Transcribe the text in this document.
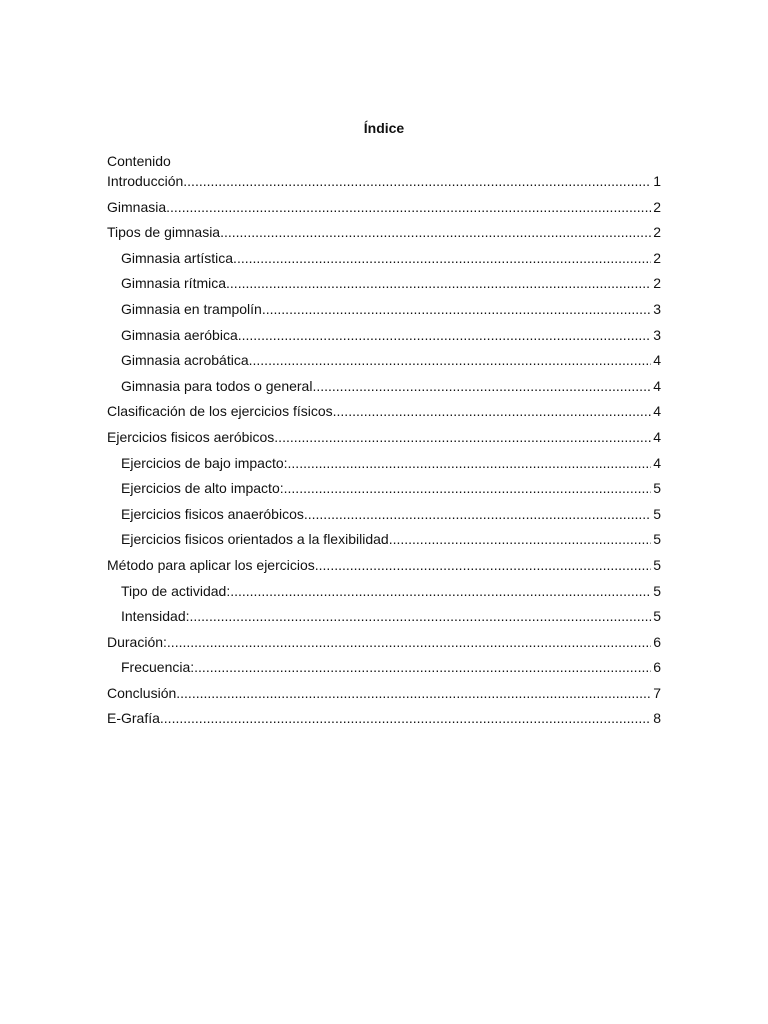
Índice
Contenido
Introducción .....	1
Gimnasia .....	2
Tipos de gimnasia .....	2
Gimnasia artística. .....	2
Gimnasia rítmica. .....	2
Gimnasia en trampolín. .....	3
Gimnasia aeróbica. .....	3
Gimnasia acrobática. .....	4
Gimnasia para todos o general. .....	4
Clasificación de los ejercicios físicos .....	4
Ejercicios fisicos aeróbicos .....	4
Ejercicios de bajo impacto: .....	4
Ejercicios de alto impacto: .....	5
Ejercicios fisicos anaeróbicos .....	5
Ejercicios fisicos orientados a la flexibilidad .....	5
Método para aplicar los ejercicios .....	5
Tipo de actividad: .....	5
Intensidad: .....	5
Duración: .....	6
Frecuencia: .....	6
Conclusión .....	7
E-Grafía .....	8
